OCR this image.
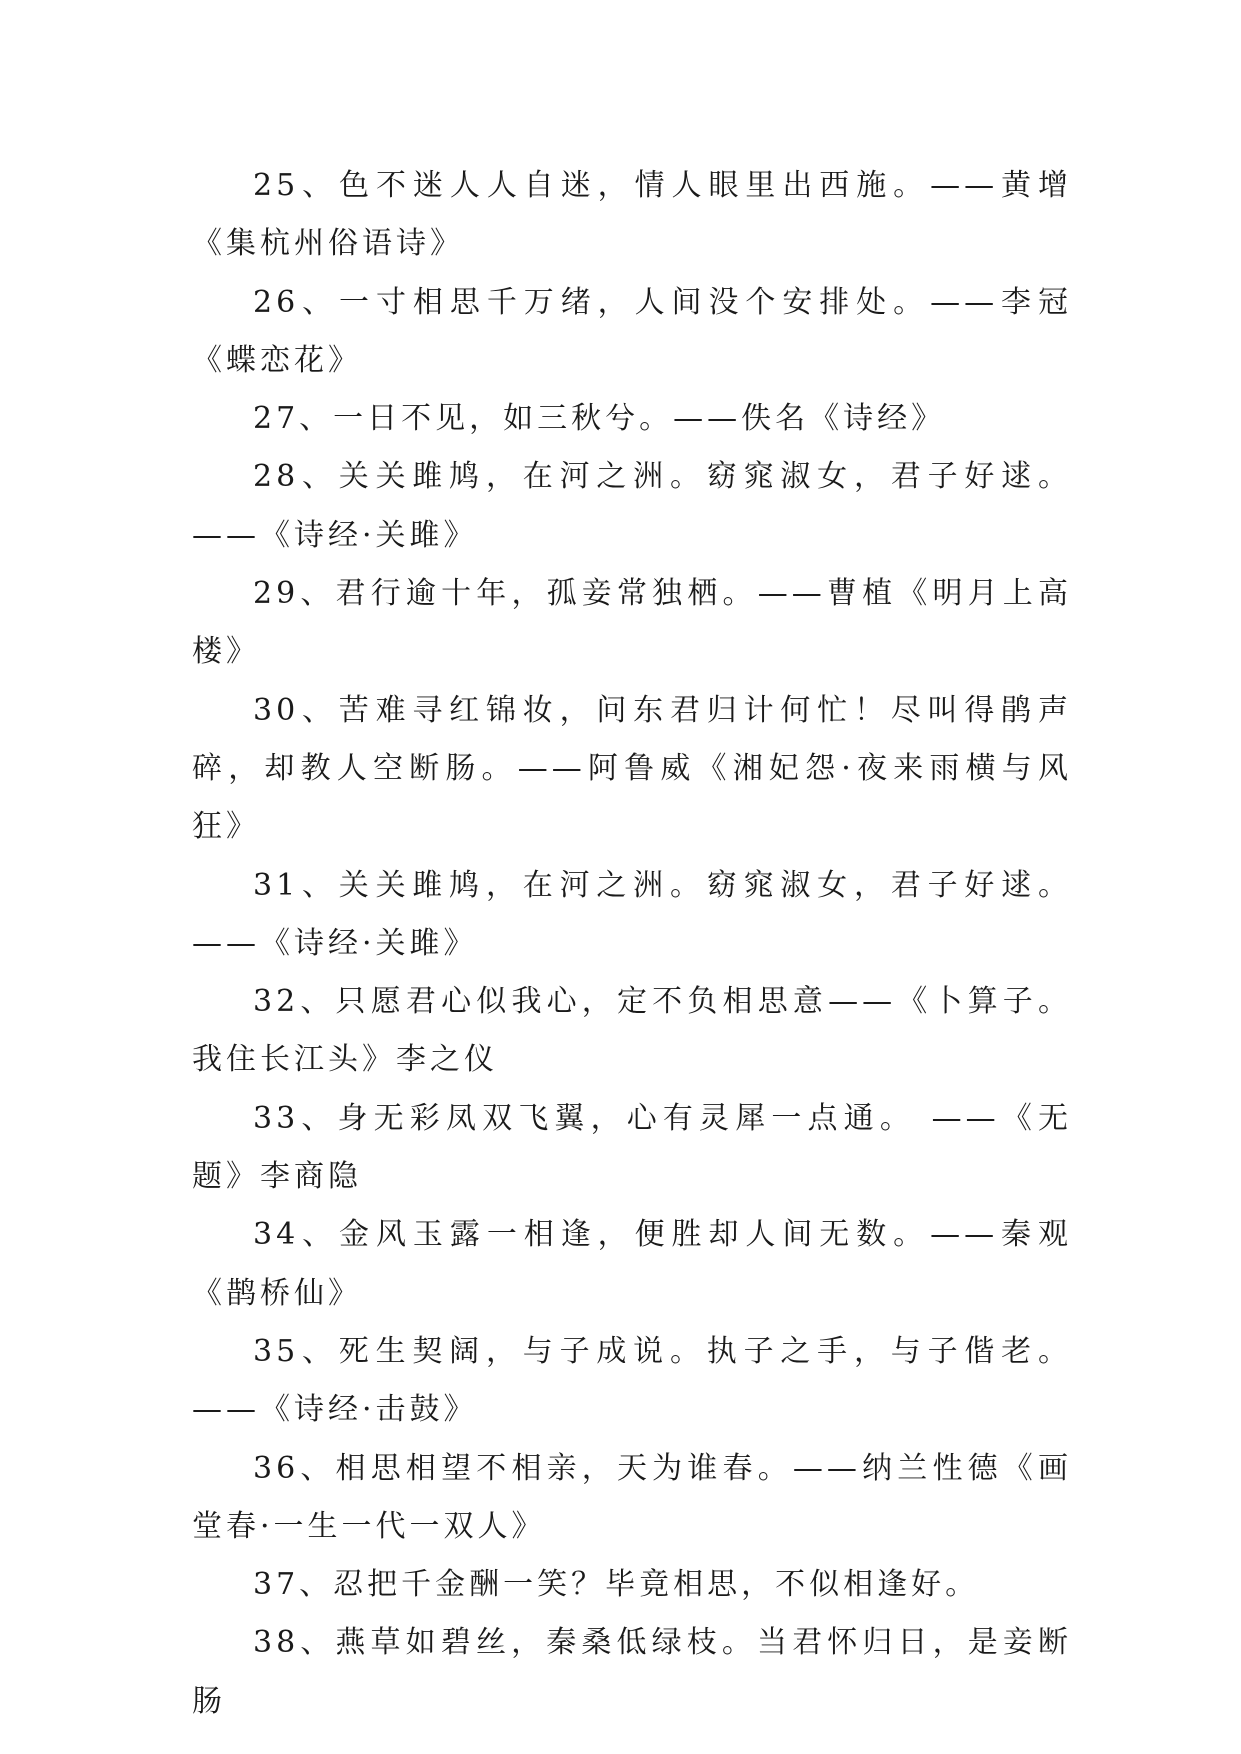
25、色不迷人人自迷，情人眼里出西施。——黄增《集杭州俗语诗》

26、一寸相思千万绪，人间没个安排处。——李冠《蝶恋花》

27、一日不见，如三秋兮。——佚名《诗经》

28、关关雎鸠，在河之洲。窈窕淑女，君子好逑。——《诗经·关雎》

29、君行逾十年，孤妾常独栖。——曹植《明月上高楼》

30、苦难寻红锦妆，问东君归计何忙！尽叫得鹃声碎，却教人空断肠。——阿鲁威《湘妃怨·夜来雨横与风狂》

31、关关雎鸠，在河之洲。窈窕淑女，君子好逑。——《诗经·关雎》

32、只愿君心似我心，定不负相思意——《卜算子。我住长江头》李之仪

33、身无彩凤双飞翼，心有灵犀一点通。 ——《无题》李商隐

34、金风玉露一相逢，便胜却人间无数。——秦观《鹊桥仙》

35、死生契阔，与子成说。执子之手，与子偕老。——《诗经·击鼓》

36、相思相望不相亲，天为谁春。——纳兰性德《画堂春·一生一代一双人》

37、忍把千金酬一笑？毕竟相思，不似相逢好。

38、燕草如碧丝，秦桑低绿枝。当君怀归日，是妾断肠
